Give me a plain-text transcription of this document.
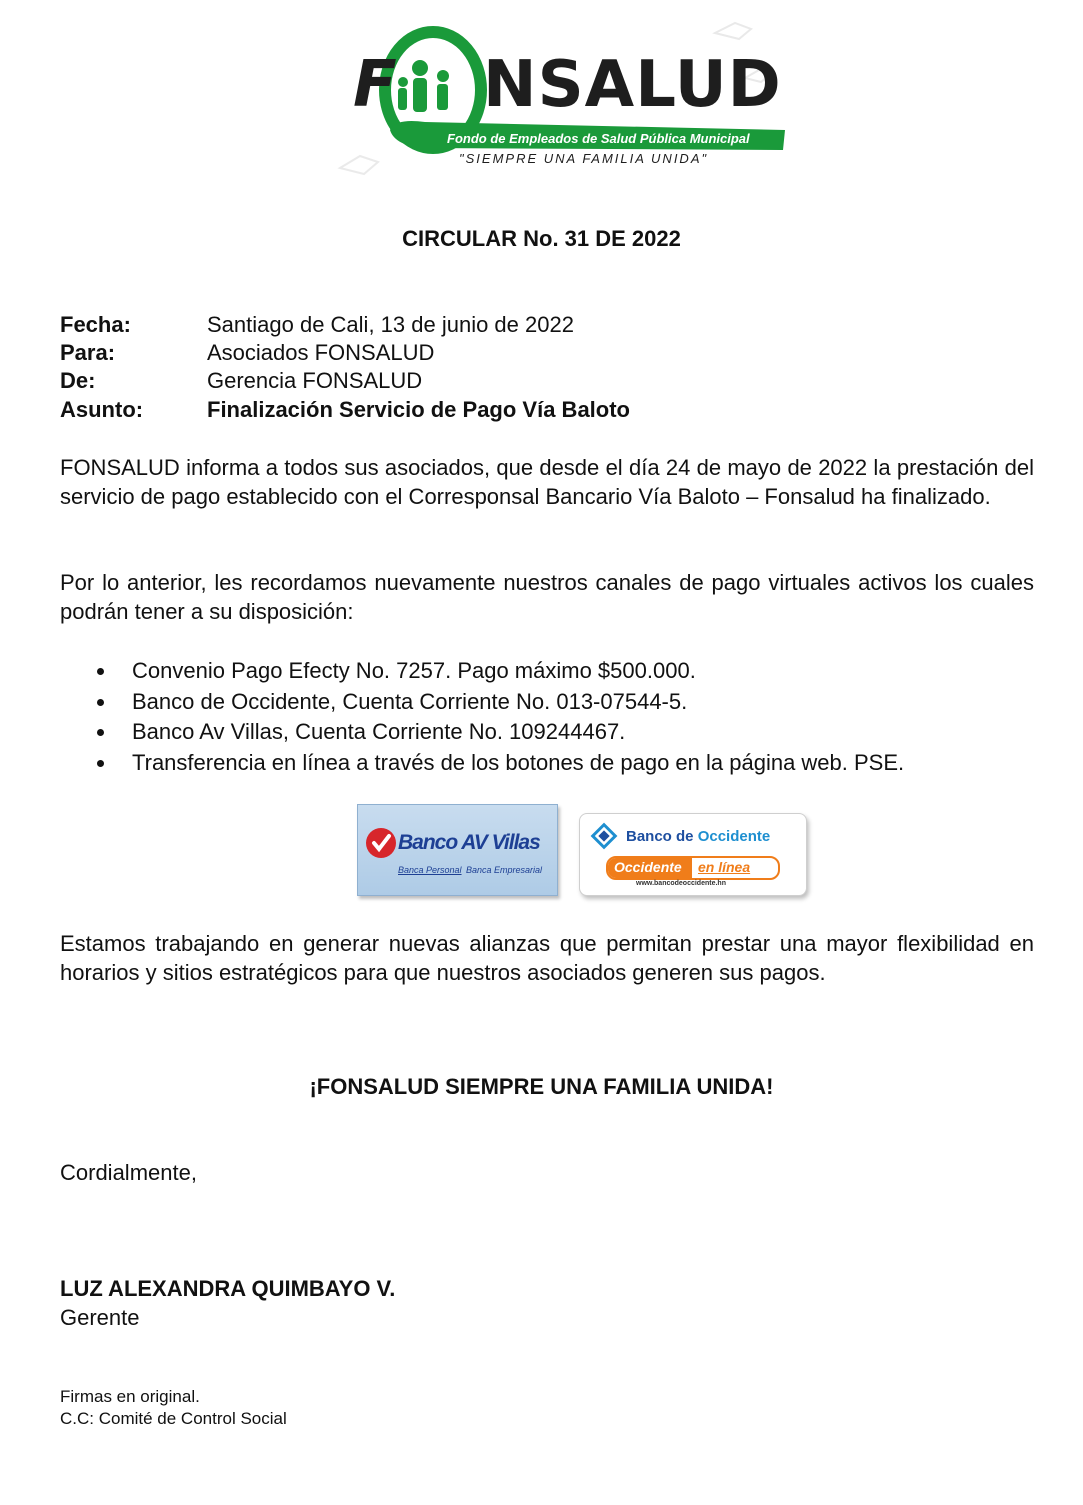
F NSALUD
Fondo de Empleados de Salud Pública Municipal
"SIEMPRE UNA FAMILIA UNIDA"
CIRCULAR No. 31 DE 2022
Fecha:	Santiago de Cali, 13 de junio de 2022
Para:	Asociados FONSALUD
De:	Gerencia FONSALUD
Asunto:	Finalización Servicio de Pago Vía Baloto

FONSALUD informa a todos sus asociados, que desde el día 24 de mayo de 2022 la prestación del servicio de pago establecido con el Corresponsal Bancario Vía Baloto – Fonsalud ha finalizado.

Por lo anterior, les recordamos nuevamente nuestros canales de pago virtuales activos los cuales podrán tener a su disposición:

Convenio Pago Efecty No. 7257. Pago máximo $500.000.
Banco de Occidente, Cuenta Corriente No. 013-07544-5.
Banco Av Villas, Cuenta Corriente No. 109244467.
Transferencia en línea a través de los botones de pago en la página web. PSE.
Banco AV Villas
Banca Personal Banca Empresarial
Banco de Occidente
Occidente en línea
www.bancodeoccidente.hn

Estamos trabajando en generar nuevas alianzas que permitan prestar una mayor flexibilidad en horarios y sitios estratégicos para que nuestros asociados generen sus pagos.

¡FONSALUD SIEMPRE UNA FAMILIA UNIDA!
Cordialmente,
LUZ ALEXANDRA QUIMBAYO V.
Gerente
Firmas en original.
C.C: Comité de Control Social
